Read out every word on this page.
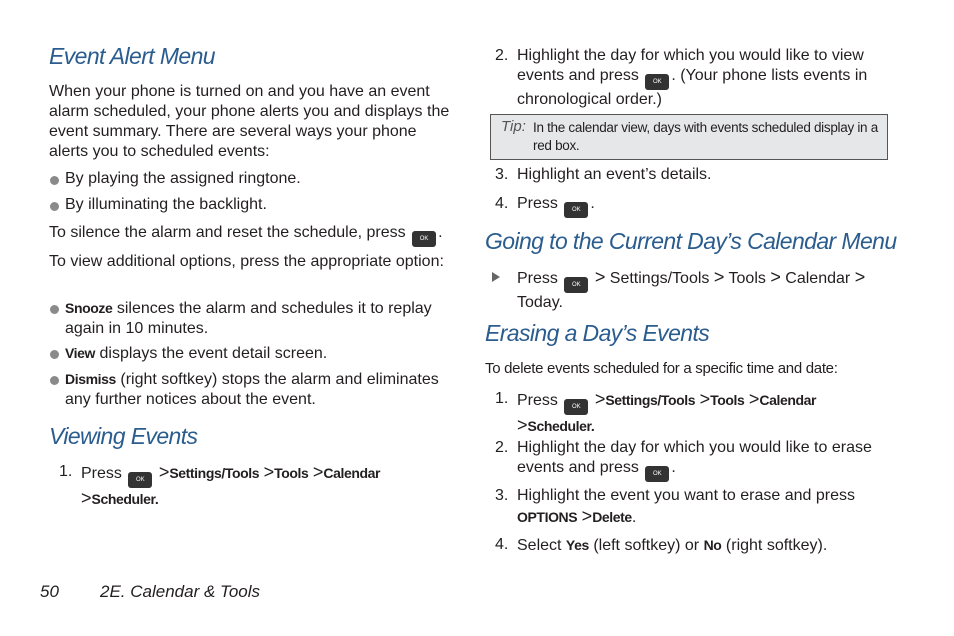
Event Alert Menu
When your phone is turned on and you have an event alarm scheduled, your phone alerts you and displays the event summary. There are several ways your phone alerts you to scheduled events:
By playing the assigned ringtone.
By illuminating the backlight.
To silence the alarm and reset the schedule, press OK .
To view additional options, press the appropriate option:
Snooze silences the alarm and schedules it to replay again in 10 minutes.
View displays the event detail screen.
Dismiss (right softkey) stops the alarm and eliminates any further notices about the event.
Viewing Events
1. Press OK >Settings/Tools >Tools >Calendar >Scheduler.
2. Highlight the day for which you would like to view events and press OK . (Your phone lists events in chronological order.)
Tip: In the calendar view, days with events scheduled display in a red box.
3. Highlight an event’s details.
4. Press OK .
Going to the Current Day’s Calendar Menu
Press OK > Settings/Tools > Tools > Calendar > Today.
Erasing a Day’s Events
To delete events scheduled for a specific time and date:
1. Press OK >Settings/Tools >Tools >Calendar >Scheduler.
2. Highlight the day for which you would like to erase events and press OK .
3. Highlight the event you want to erase and press OPTIONS >Delete.
4. Select Yes (left softkey) or No (right softkey).
50 2E. Calendar & Tools
